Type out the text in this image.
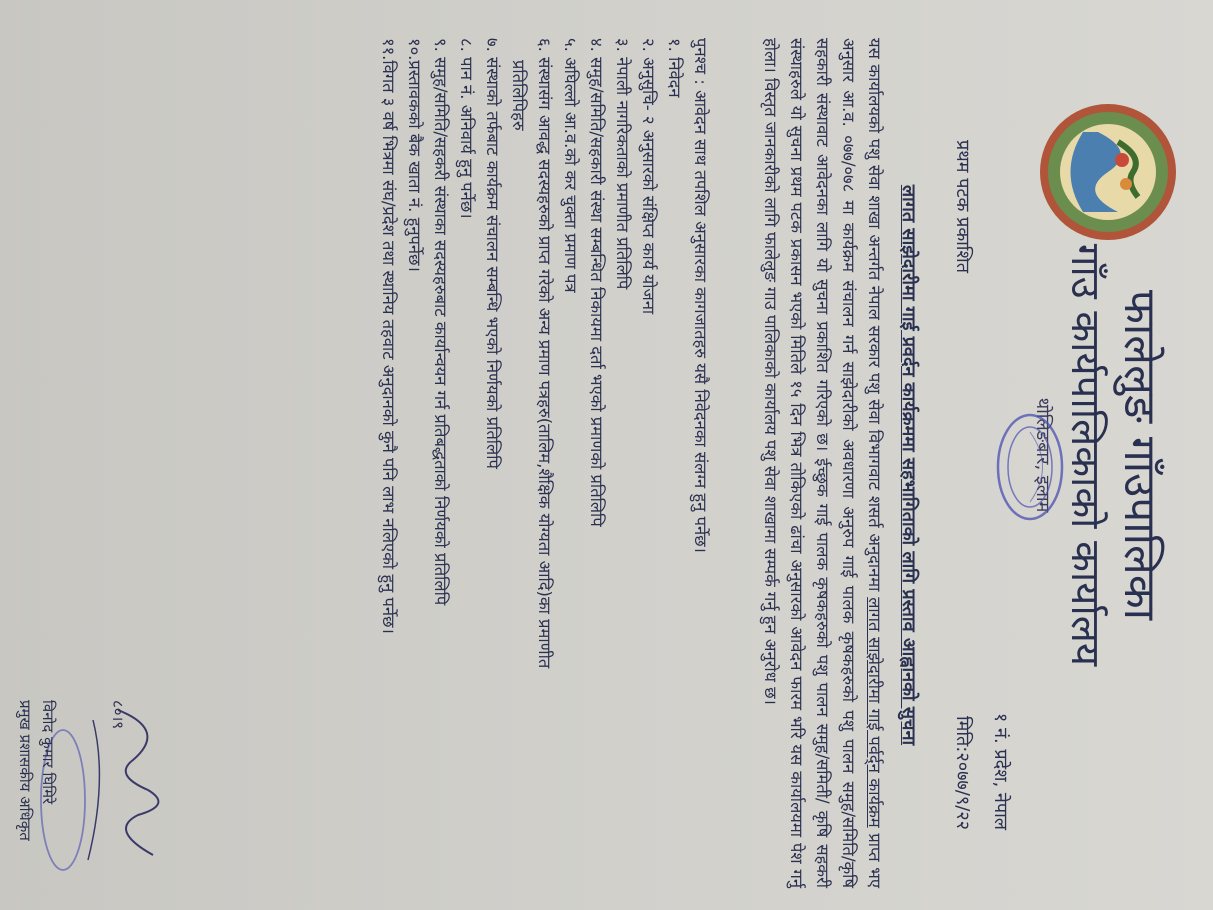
फालेलुङ गाँउपालिका
गाँउ कार्यपालिकाको कार्यालय
थोलिङबार, इलाम
१ नं. प्रदेश, नेपाल
मिति:२०७७/९/२२
प्रथम पटक प्रकाशित
लागत साझेदारीमा गाई प्रवर्दन कार्यक्रममा सहभागिताको लागि प्रस्ताव आह्वानको सुचना
यस कार्यालयको पशु सेवा शाखा अन्तर्गत नेपाल सरकार पशु सेवा विभागवाट शसर्त अनुदानमा लागत साझेदारीमा गाई पर्वर्द्न कार्यक्रम प्राप्त भए अनुसार आ.व. ०७७/०७८ मा कार्यक्रम संचालन गर्न साझेदारीको अवधारणा अनुरुप गाई पालक कृषकहरुको पशु पालन समुह/समिति/कृषि सहकारी संस्थावाट आवेदनका लागि यो सुचना प्रकाशित गरिएको छ। ईच्छुक गाई पालक कृषकहरुको पशु पालन समुह/समिती/ कृषि सहकरी संस्थाहरुले यो सुचना प्रथम पटक प्रकासन भएको मितिले १५ दिन भित्र तोकिएको ढांचा अनुसारको आवेदन फारम भरि यस कार्यालयमा पेश गर्नु होला। विस्तृत जानकारीको लागि फालेलुङ गाउ पालिकाको कार्यालय पशु सेवा शाखामा सम्पर्क गर्नु हुन अनुरोध छ।

पुनश्च : आवेदन साथ तपशिल अनुसारका कागजातहरु यसै निवेदनका संलग्न हुनु पर्नेछ।

१. निवेदन

२. अनुसुचि- २ अनुसारको संक्षिप्त कार्य योजना

३. नेपाली नागरिकताको प्रमाणीत प्रतिलिपि

४. समुह/समिति/सहकारी संस्था सम्बन्धित निकायमा दर्ता भएको प्रमाणको प्रतिलिपि

५. अघिल्लो आ.व.को कर चुक्ता प्रमाण पत्र

६. संस्थासंग आवद्ध सदस्यहरुको प्राप्त गरेको अन्य प्रमाण पत्रहरु(तालिम,शैक्षिक योग्यता आदि)का प्रमाणीत

प्रतिलिपिहरु

७. संस्थाको तर्फबाट कार्यक्रम संचालन सम्बन्धि भएको निर्णयको प्रतिलिपि

८. पान नं. अनिवार्य हुनु पर्नेछ।

९. समुह/समिति/सहकरी संस्थाका सदस्यहरुबाट कार्यान्वयन गर्न प्रतिबद्धताको निर्णयको प्रतिलिपि

१०.प्रस्तावकको बैक खाता नं. हुनुपर्नेछ।

११.विगत ३ वर्ष भित्रमा संघ/प्रदेश तथा स्थानिय तहवाट अनुदानको कुनै पनि लाभ नलिएको हुनु पर्नेछ।

८०।९
विनोद कुमार घिमिरे
प्रमुख प्रशासकीय अधिकृत
